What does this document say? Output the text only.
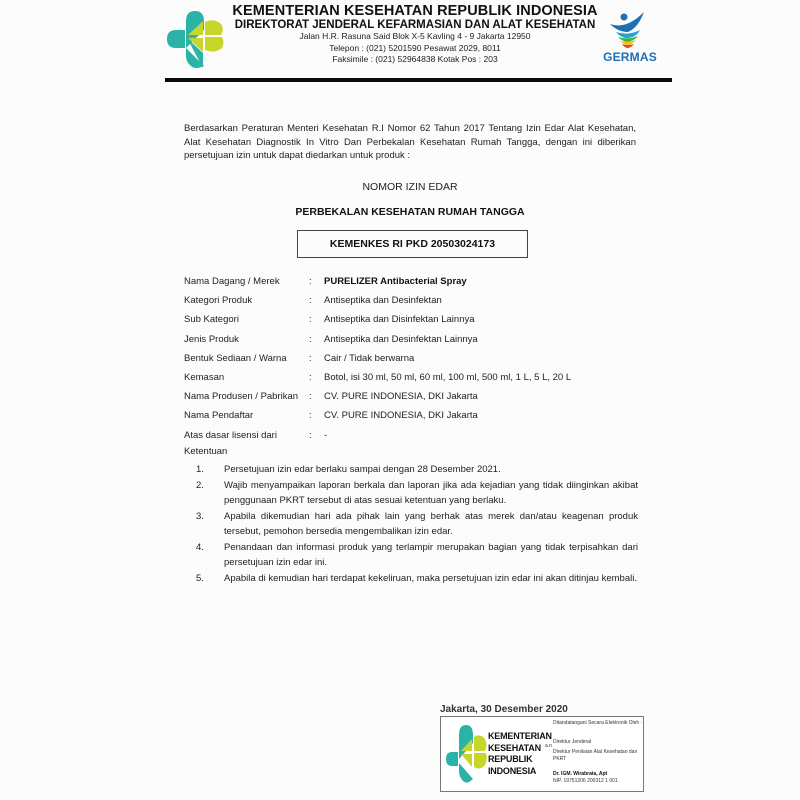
KEMENTERIAN KESEHATAN REPUBLIK INDONESIA
DIREKTORAT JENDERAL KEFARMASIAN DAN ALAT KESEHATAN
Jalan H.R. Rasuna Said Blok X-5 Kavling 4 - 9 Jakarta 12950
Telepon : (021) 5201590 Pesawat 2029, 8011
Faksimile : (021) 52964838 Kotak Pos : 203	GERMAS
Berdasarkan Peraturan Menteri Kesehatan R.I Nomor 62 Tahun 2017 Tentang Izin Edar Alat Kesehatan, Alat Kesehatan Diagnostik In Vitro Dan Perbekalan Kesehatan Rumah Tangga, dengan ini diberikan persetujuan izin untuk dapat diedarkan untuk produk :
NOMOR IZIN EDAR
PERBEKALAN KESEHATAN RUMAH TANGGA
KEMENKES RI PKD 20503024173
Nama Dagang / Merek	:	PURELIZER Antibacterial Spray
Kategori Produk	:	Antiseptika dan Desinfektan
Sub Kategori	:	Antiseptika dan Disinfektan Lainnya
Jenis Produk	:	Antiseptika dan Desinfektan Lainnya
Bentuk Sediaan / Warna	:	Cair / Tidak berwarna
Kemasan	:	Botol, isi 30 ml, 50 ml, 60 ml, 100 ml, 500 ml, 1 L, 5 L, 20 L
Nama Produsen / Pabrikan	:	CV. PURE INDONESIA, DKI Jakarta
Nama Pendaftar	:	CV. PURE INDONESIA, DKI Jakarta
Atas dasar lisensi dari	:	-
Ketentuan
1.	Persetujuan izin edar berlaku sampai dengan 28 Desember 2021.
2.	Wajib menyampaikan laporan berkala dan laporan jika ada kejadian yang tidak diinginkan akibat penggunaan PKRT tersebut di atas sesuai ketentuan yang berlaku.
3.	Apabila dikemudian hari ada pihak lain yang berhak atas merek dan/atau keagenan produk tersebut, pemohon bersedia mengembalikan izin edar.
4.	Penandaan dan informasi produk yang terlampir merupakan bagian yang tidak terpisahkan dari persetujuan izin edar ini.
5.	Apabila di kemudian hari terdapat kekeliruan, maka persetujuan izin edar ini akan ditinjau kembali.
Jakarta, 30 Desember 2020
KEMENTERIAN
KESEHATAN
REPUBLIK
INDONESIA
a.n
Ditandatangani Secara Elektronik Oleh :
Direktur Jenderal
Direktur Penilaian Alat Kesehatan dan PKRT
Dr. IGM. Wirabrata, Apt
NIP. 19751206 200312 1 001
